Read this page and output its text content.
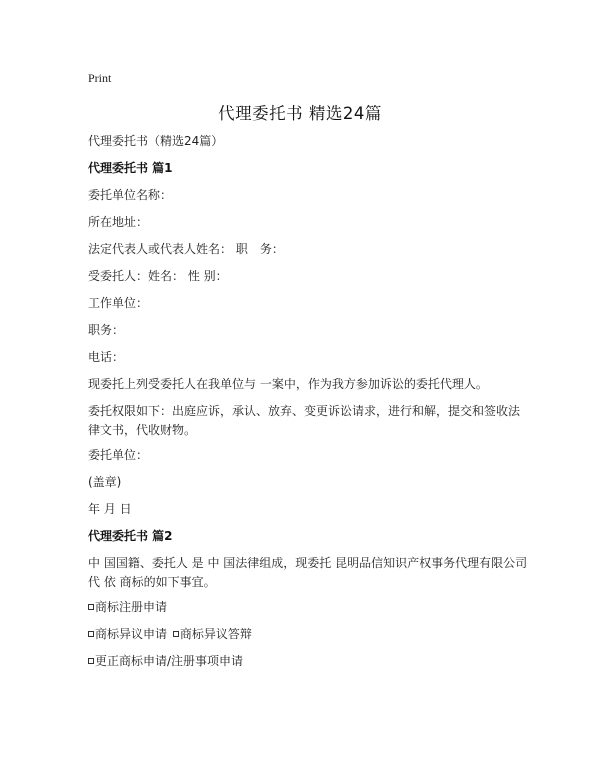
Print
代理委托书 精选24篇
代理委托书（精选24篇）
代理委托书 篇1
委托单位名称：
所在地址：
法定代表人或代表人姓名： 职　务：
受委托人：姓名： 性 别：
工作单位：
职务：
电话：
现委托上列受委托人在我单位与 一案中，作为我方参加诉讼的委托代理人。
委托权限如下：出庭应诉，承认、放弃、变更诉讼请求，进行和解，提交和签收法律文书，代收财物。
委托单位：
(盖章)
年 月 日
代理委托书 篇2
中 国国籍、委托人 是 中 国法律组成，现委托 昆明品信知识产权事务代理有限公司 代 依 商标的如下事宜。
商标注册申请
商标异议申请 商标异议答辩
更正商标申请/注册事项申请
